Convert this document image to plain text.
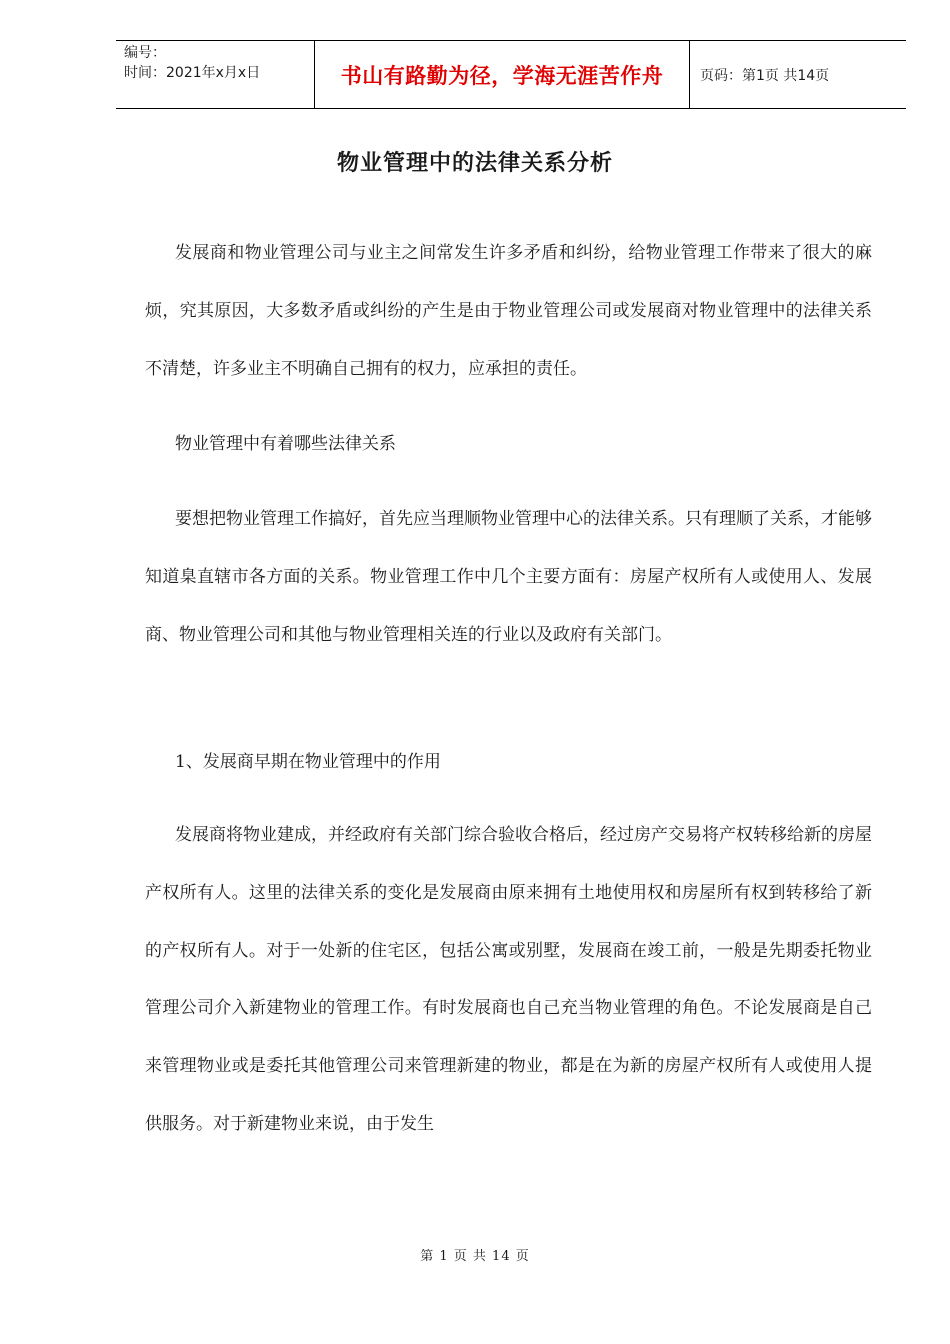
编号：
时间：2021年x月x日	书山有路勤为径，学海无涯苦作舟	页码：第1页 共14页
物业管理中的法律关系分析

发展商和物业管理公司与业主之间常发生许多矛盾和纠纷，给物业管理工作带来了很大的麻烦，究其原因，大多数矛盾或纠纷的产生是由于物业管理公司或发展商对物业管理中的法律关系不清楚，许多业主不明确自己拥有的权力，应承担的责任。

物业管理中有着哪些法律关系

要想把物业管理工作搞好，首先应当理顺物业管理中心的法律关系。只有理顺了关系，才能够知道臬直辖市各方面的关系。物业管理工作中几个主要方面有：房屋产权所有人或使用人、发展商、物业管理公司和其他与物业管理相关连的行业以及政府有关部门。

1、发展商早期在物业管理中的作用

发展商将物业建成，并经政府有关部门综合验收合格后，经过房产交易将产权转移给新的房屋产权所有人。这里的法律关系的变化是发展商由原来拥有土地使用权和房屋所有权到转移给了新的产权所有人。对于一处新的住宅区，包括公寓或别墅，发展商在竣工前，一般是先期委托物业管理公司介入新建物业的管理工作。有时发展商也自己充当物业管理的角色。不论发展商是自己来管理物业或是委托其他管理公司来管理新建的物业，都是在为新的房屋产权所有人或使用人提供服务。对于新建物业来说，由于发生

第 1 页 共 14 页
